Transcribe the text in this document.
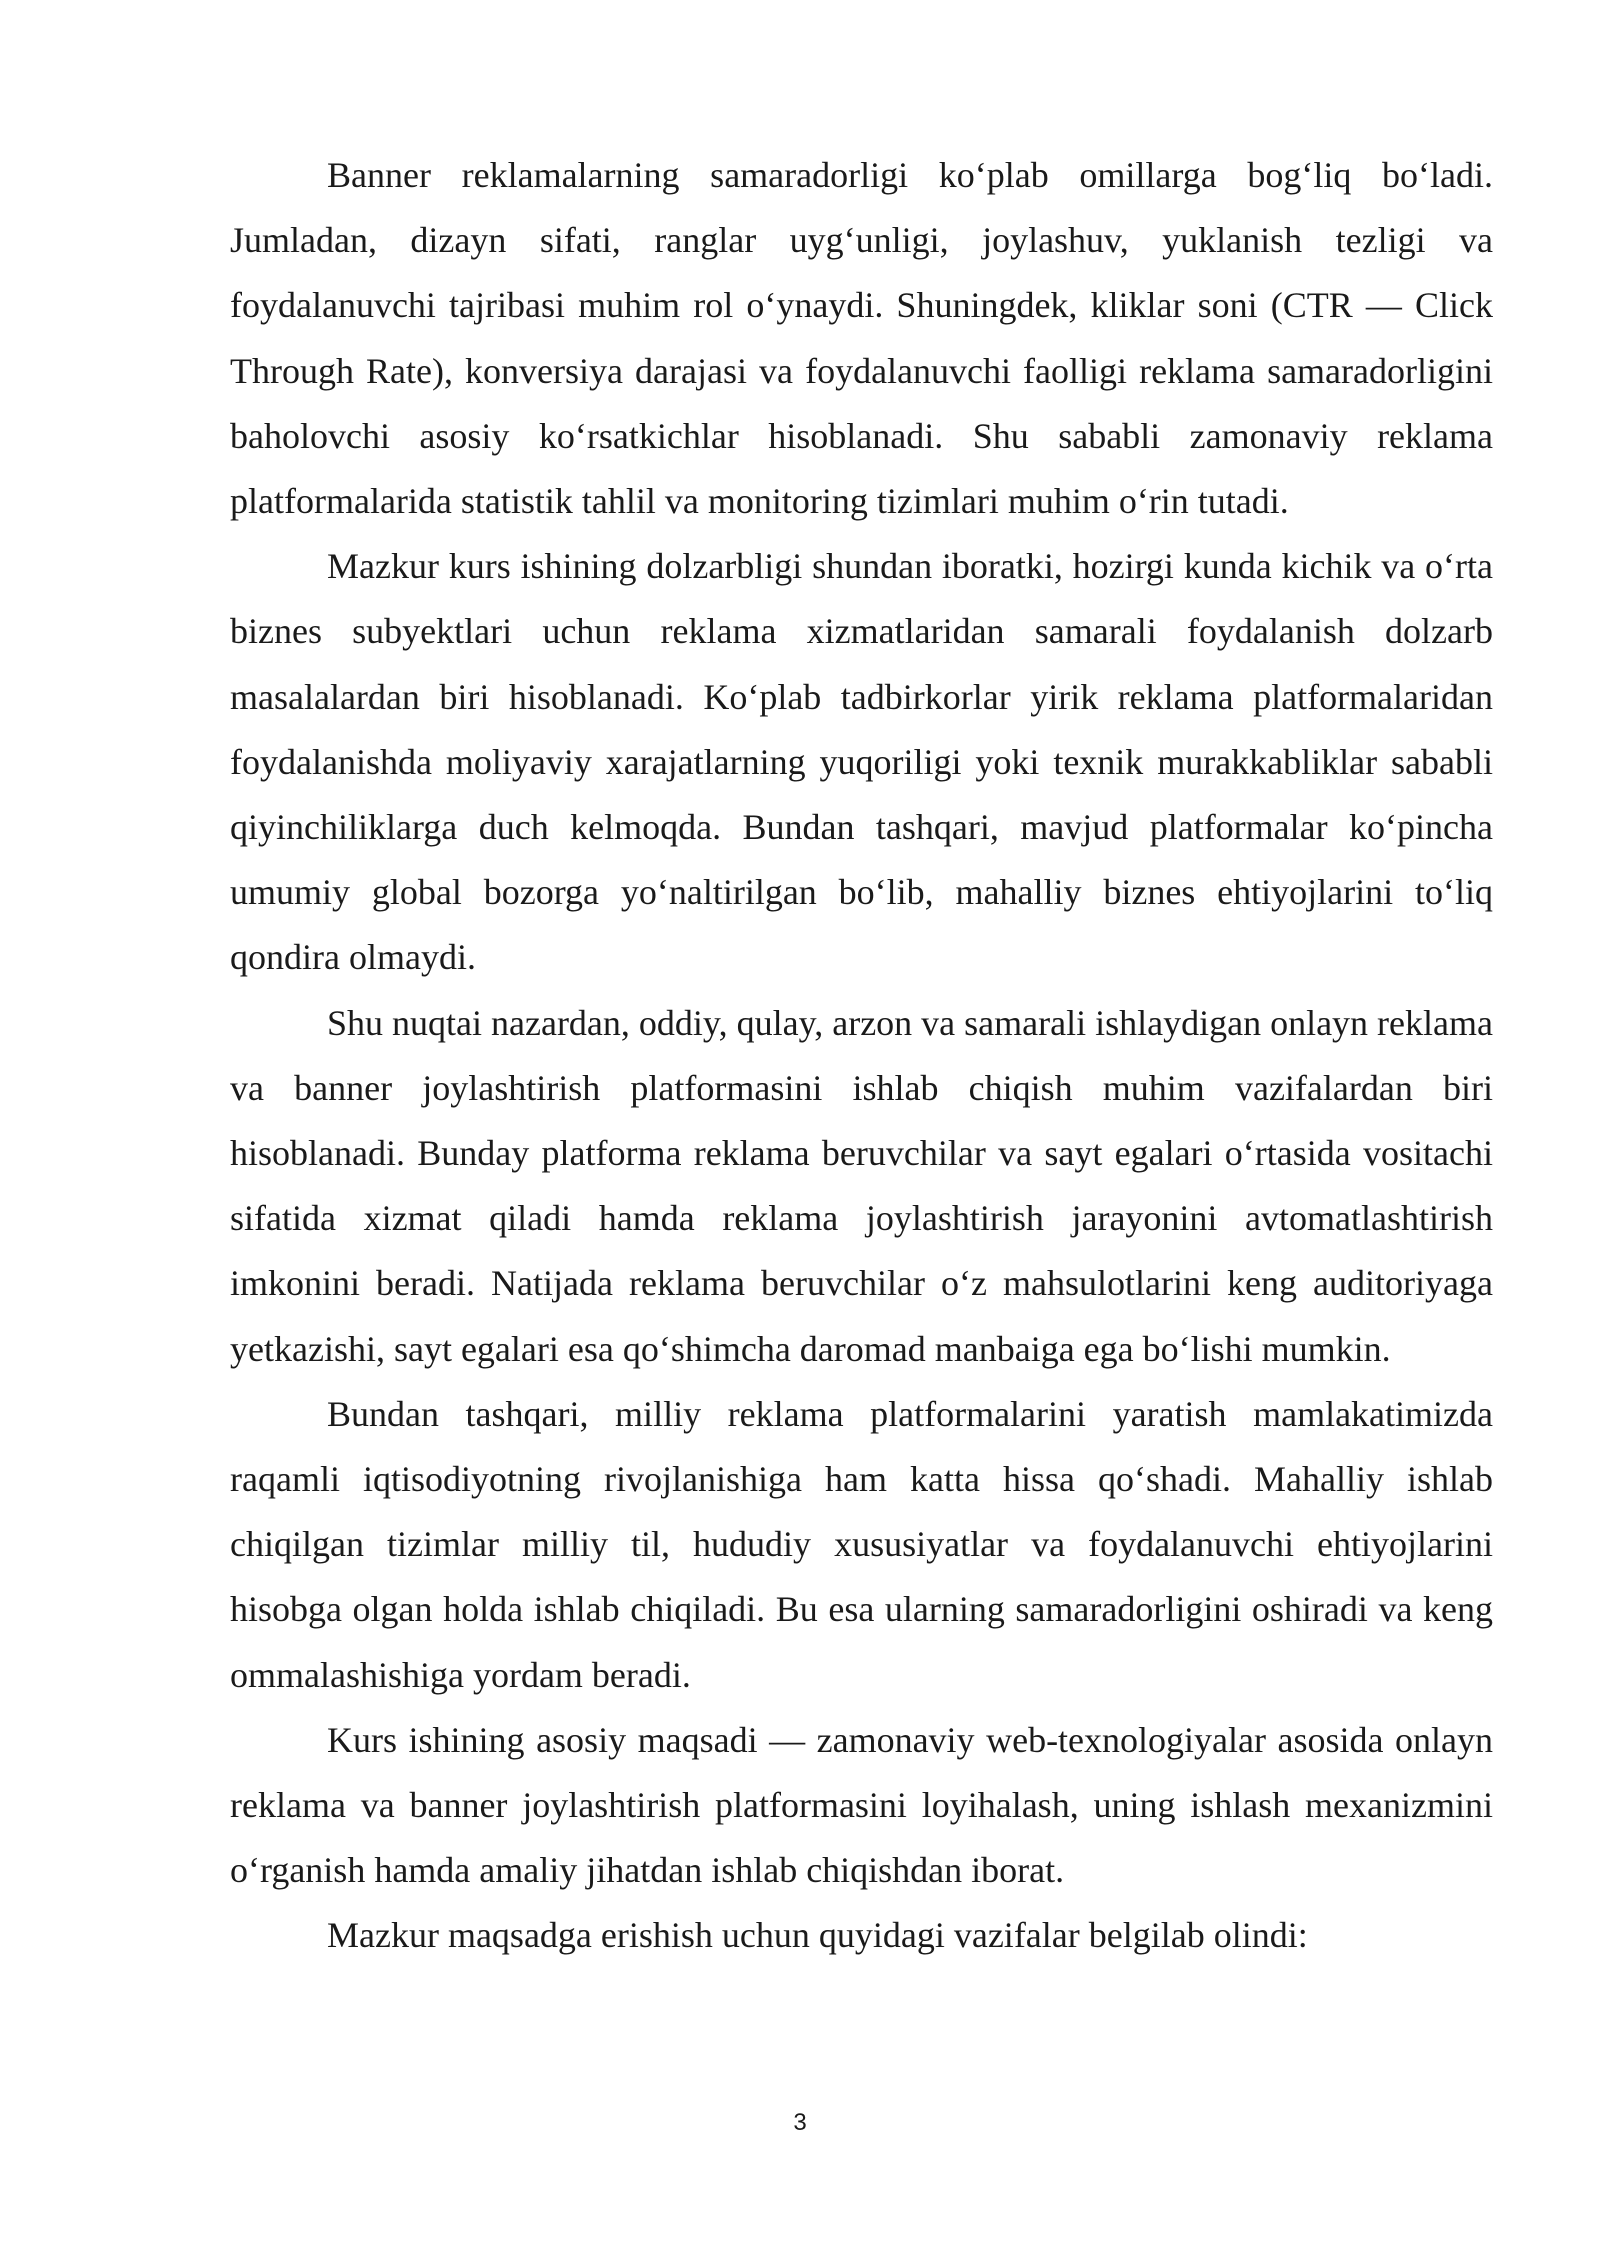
Banner reklamalarning samaradorligi ko‘plab omillarga bog‘liq bo‘ladi. Jumladan, dizayn sifati, ranglar uyg‘unligi, joylashuv, yuklanish tezligi va foydalanuvchi tajribasi muhim rol o‘ynaydi. Shuningdek, kliklar soni (CTR — Click Through Rate), konversiya darajasi va foydalanuvchi faolligi reklama samaradorligini baholovchi asosiy ko‘rsatkichlar hisoblanadi. Shu sababli zamonaviy reklama platformalarida statistik tahlil va monitoring tizimlari muhim o‘rin tutadi.

Mazkur kurs ishining dolzarbligi shundan iboratki, hozirgi kunda kichik va o‘rta biznes subyektlari uchun reklama xizmatlaridan samarali foydalanish dolzarb masalalardan biri hisoblanadi. Ko‘plab tadbirkorlar yirik reklama platformalaridan foydalanishda moliyaviy xarajatlarning yuqoriligi yoki texnik murakkabliklar sababli qiyinchiliklarga duch kelmoqda. Bundan tashqari, mavjud platformalar ko‘pincha umumiy global bozorga yo‘naltirilgan bo‘lib, mahalliy biznes ehtiyojlarini to‘liq qondira olmaydi.

Shu nuqtai nazardan, oddiy, qulay, arzon va samarali ishlaydigan onlayn reklama va banner joylashtirish platformasini ishlab chiqish muhim vazifalardan biri hisoblanadi. Bunday platforma reklama beruvchilar va sayt egalari o‘rtasida vositachi sifatida xizmat qiladi hamda reklama joylashtirish jarayonini avtomatlashtirish imkonini beradi. Natijada reklama beruvchilar o‘z mahsulotlarini keng auditoriyaga yetkazishi, sayt egalari esa qo‘shimcha daromad manbaiga ega bo‘lishi mumkin.

Bundan tashqari, milliy reklama platformalarini yaratish mamlakatimizda raqamli iqtisodiyotning rivojlanishiga ham katta hissa qo‘shadi. Mahalliy ishlab chiqilgan tizimlar milliy til, hududiy xususiyatlar va foydalanuvchi ehtiyojlarini hisobga olgan holda ishlab chiqiladi. Bu esa ularning samaradorligini oshiradi va keng ommalashishiga yordam beradi.

Kurs ishining asosiy maqsadi — zamonaviy web-texnologiyalar asosida onlayn reklama va banner joylashtirish platformasini loyihalash, uning ishlash mexanizmini o‘rganish hamda amaliy jihatdan ishlab chiqishdan iborat.

Mazkur maqsadga erishish uchun quyidagi vazifalar belgilab olindi:

3
